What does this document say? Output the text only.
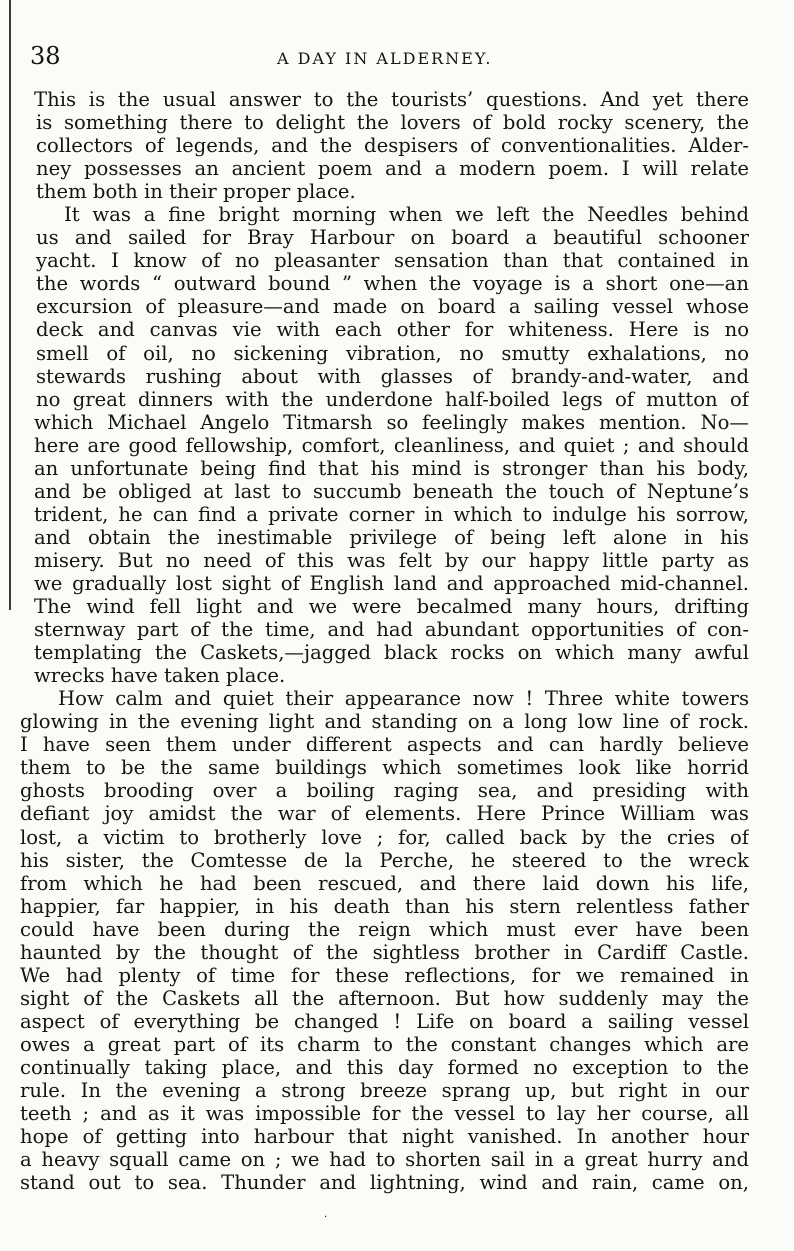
38	A DAY IN ALDERNEY.
This is the usual answer to the tourists’ questions. And yet there
is something there to delight the lovers of bold rocky scenery, the
collectors of legends, and the despisers of conventionalities. Alder-
ney possesses an ancient poem and a modern poem. I will relate
them both in their proper place.
It was a fine bright morning when we left the Needles behind
us and sailed for Bray Harbour on board a beautiful schooner
yacht. I know of no pleasanter sensation than that contained in
the words “ outward bound ” when the voyage is a short one—an
excursion of pleasure—and made on board a sailing vessel whose
deck and canvas vie with each other for whiteness. Here is no
smell of oil, no sickening vibration, no smutty exhalations, no
stewards rushing about with glasses of brandy-and-water, and
no great dinners with the underdone half-boiled legs of mutton of
which Michael Angelo Titmarsh so feelingly makes mention. No—
here are good fellowship, comfort, cleanliness, and quiet ; and should
an unfortunate being find that his mind is stronger than his body,
and be obliged at last to succumb beneath the touch of Neptune’s
trident, he can find a private corner in which to indulge his sorrow,
and obtain the inestimable privilege of being left alone in his
misery. But no need of this was felt by our happy little party as
we gradually lost sight of English land and approached mid-channel.
The wind fell light and we were becalmed many hours, drifting
sternway part of the time, and had abundant opportunities of con-
templating the Caskets,—jagged black rocks on which many awful
wrecks have taken place.
How calm and quiet their appearance now ! Three white towers
glowing in the evening light and standing on a long low line of rock.
I have seen them under different aspects and can hardly believe
them to be the same buildings which sometimes look like horrid
ghosts brooding over a boiling raging sea, and presiding with
defiant joy amidst the war of elements. Here Prince William was
lost, a victim to brotherly love ; for, called back by the cries of
his sister, the Comtesse de la Perche, he steered to the wreck
from which he had been rescued, and there laid down his life,
happier, far happier, in his death than his stern relentless father
could have been during the reign which must ever have been
haunted by the thought of the sightless brother in Cardiff Castle.
We had plenty of time for these reflections, for we remained in
sight of the Caskets all the afternoon. But how suddenly may the
aspect of everything be changed ! Life on board a sailing vessel
owes a great part of its charm to the constant changes which are
continually taking place, and this day formed no exception to the
rule. In the evening a strong breeze sprang up, but right in our
teeth ; and as it was impossible for the vessel to lay her course, all
hope of getting into harbour that night vanished. In another hour
a heavy squall came on ; we had to shorten sail in a great hurry and
stand out to sea. Thunder and lightning, wind and rain, came on,
·
